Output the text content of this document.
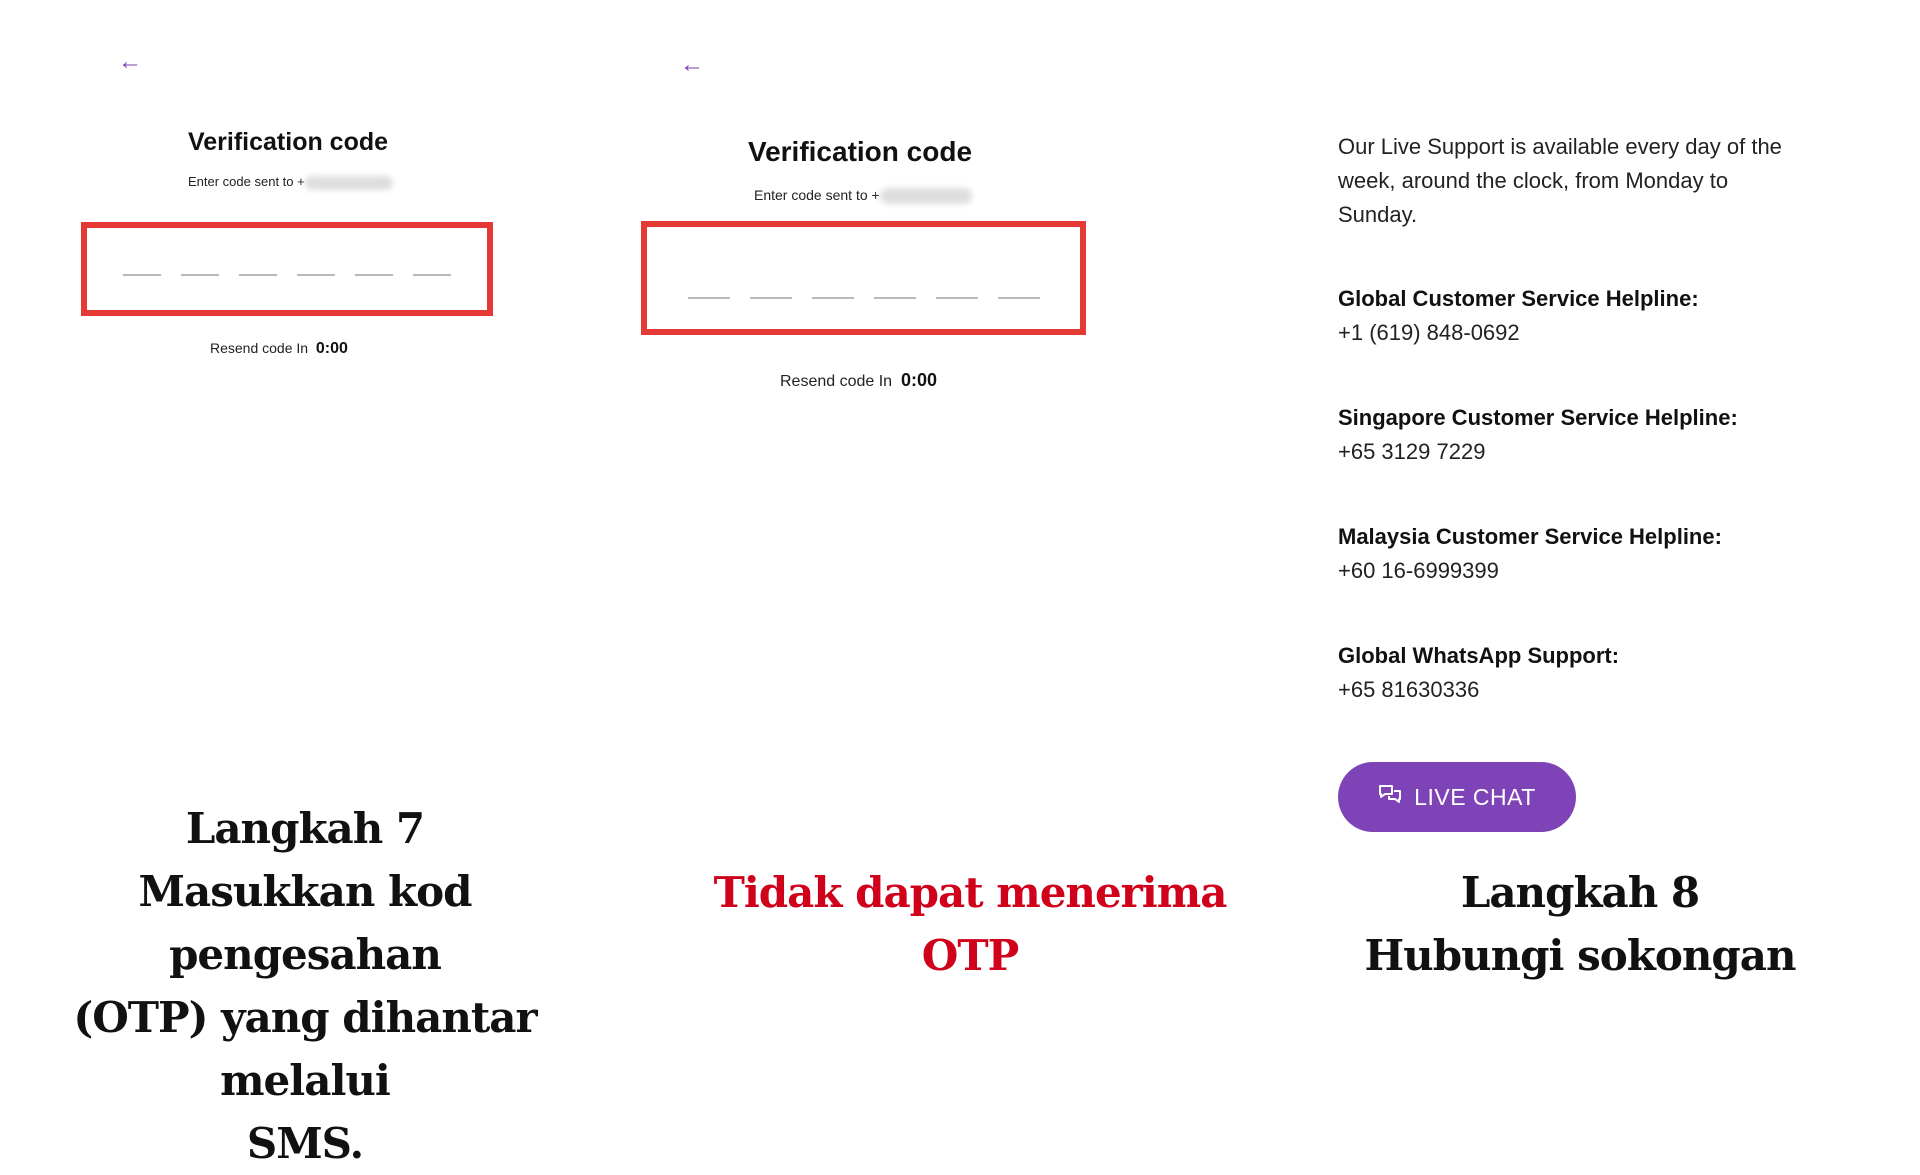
←
Verification code
Enter code sent to +
Resend code In 0:00
←
Verification code
Enter code sent to +
Resend code In 0:00
Our Live Support is available every day of the week, around the clock, from Monday to Sunday.
Global Customer Service Helpline:
+1 (619) 848-0692
Singapore Customer Service Helpline:
+65 3129 7229
Malaysia Customer Service Helpline:
+60 16-6999399
Global WhatsApp Support:
+65 81630336
LIVE CHAT
Langkah 7
Masukkan kod pengesahan
(OTP) yang dihantar melalui
SMS.
Tidak dapat menerima
OTP
Langkah 8
Hubungi sokongan
